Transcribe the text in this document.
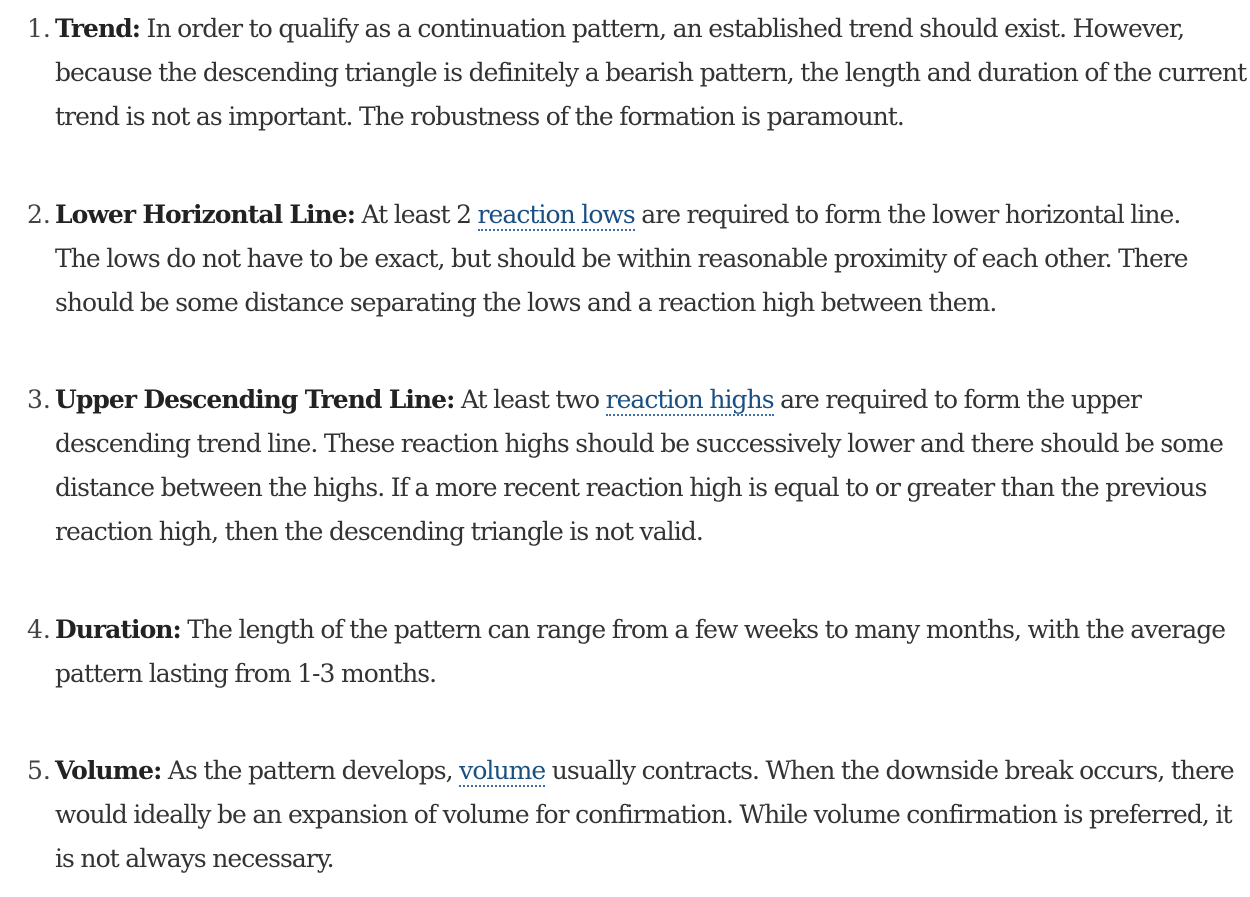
1. Trend: In order to qualify as a continuation pattern, an established trend should exist. However,
because the descending triangle is definitely a bearish pattern, the length and duration of the current
trend is not as important. The robustness of the formation is paramount.
2. Lower Horizontal Line: At least 2 reaction lows are required to form the lower horizontal line.
The lows do not have to be exact, but should be within reasonable proximity of each other. There
should be some distance separating the lows and a reaction high between them.
3. Upper Descending Trend Line: At least two reaction highs are required to form the upper
descending trend line. These reaction highs should be successively lower and there should be some
distance between the highs. If a more recent reaction high is equal to or greater than the previous
reaction high, then the descending triangle is not valid.
4. Duration: The length of the pattern can range from a few weeks to many months, with the average
pattern lasting from 1-3 months.
5. Volume: As the pattern develops, volume usually contracts. When the downside break occurs, there
would ideally be an expansion of volume for confirmation. While volume confirmation is preferred, it
is not always necessary.
